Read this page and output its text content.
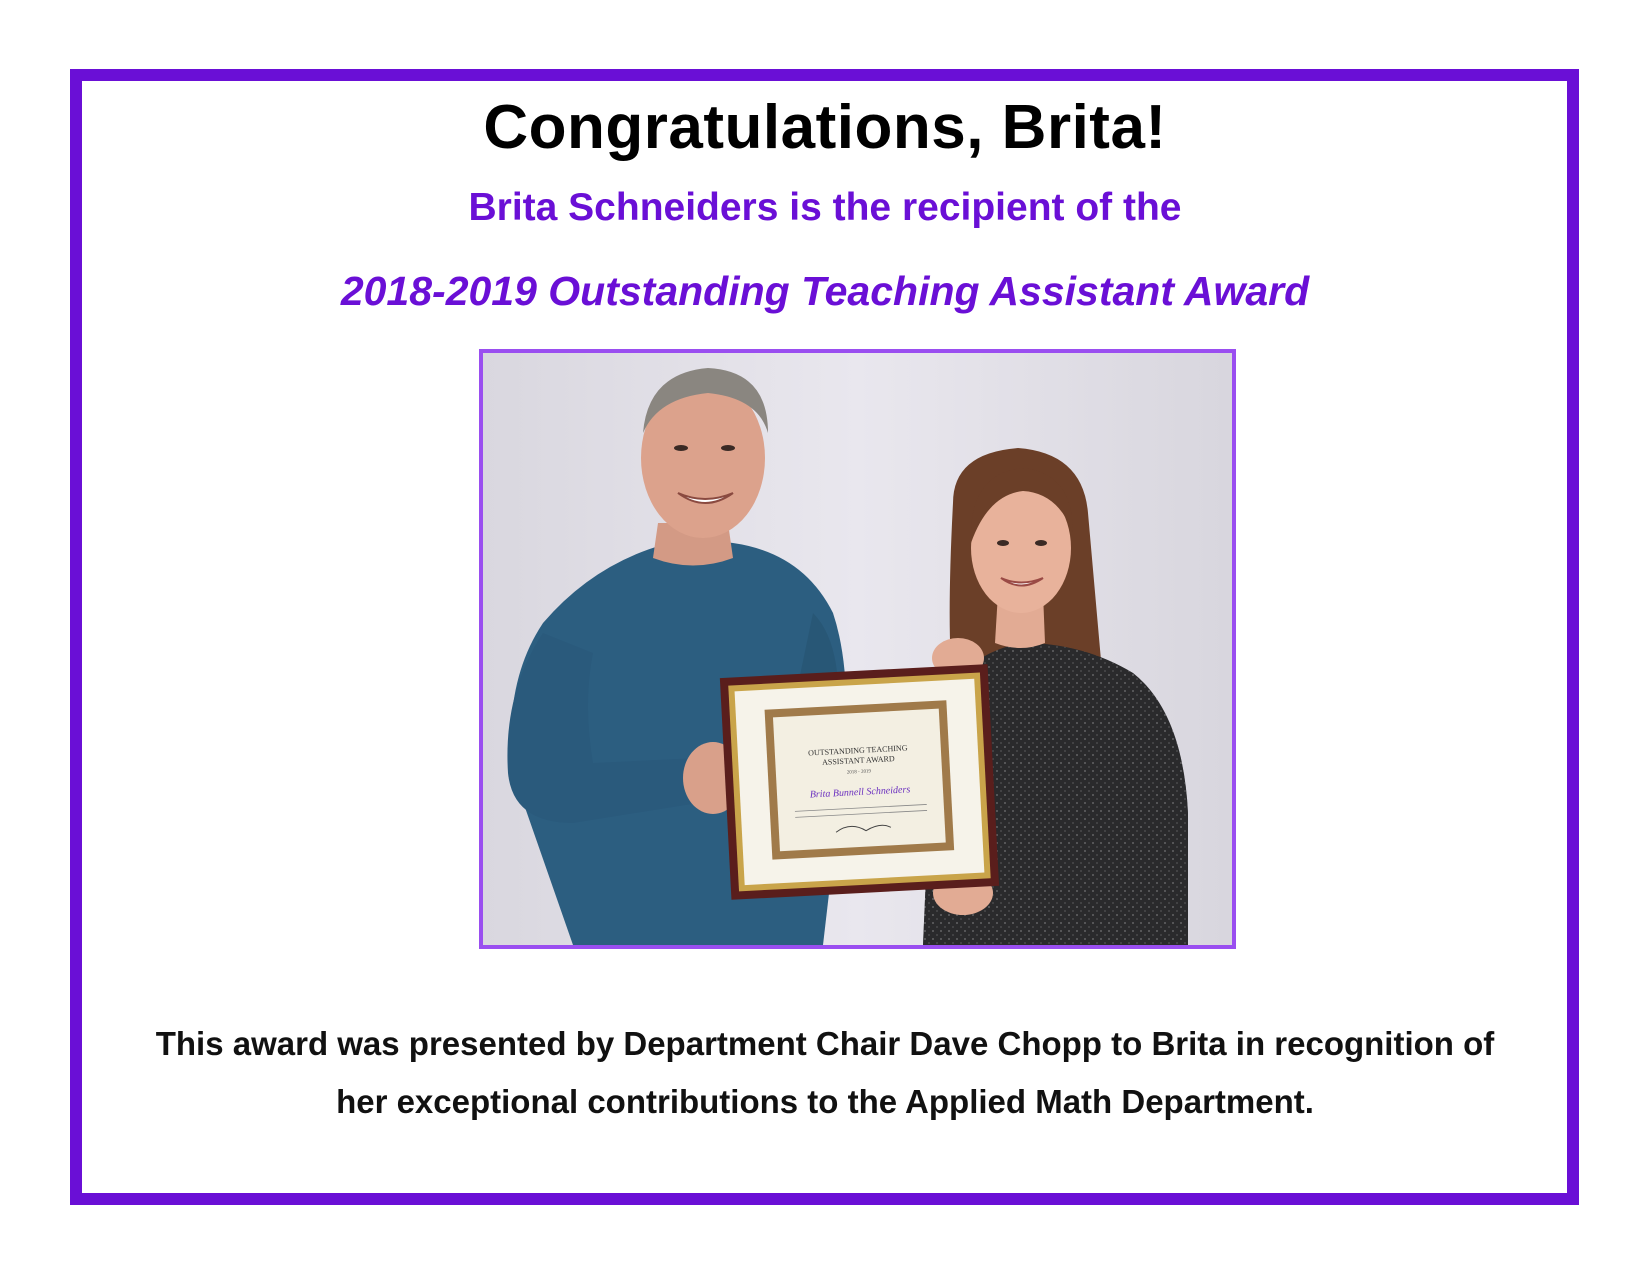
Congratulations, Brita!
Brita Schneiders is the recipient of the
2018-2019 Outstanding Teaching Assistant Award
OUTSTANDING TEACHING
ASSISTANT AWARD
2018 - 2019
Brita Bunnell Schneiders
This award was presented by Department Chair Dave Chopp to Brita in recognition of
her exceptional contributions to the Applied Math Department.
